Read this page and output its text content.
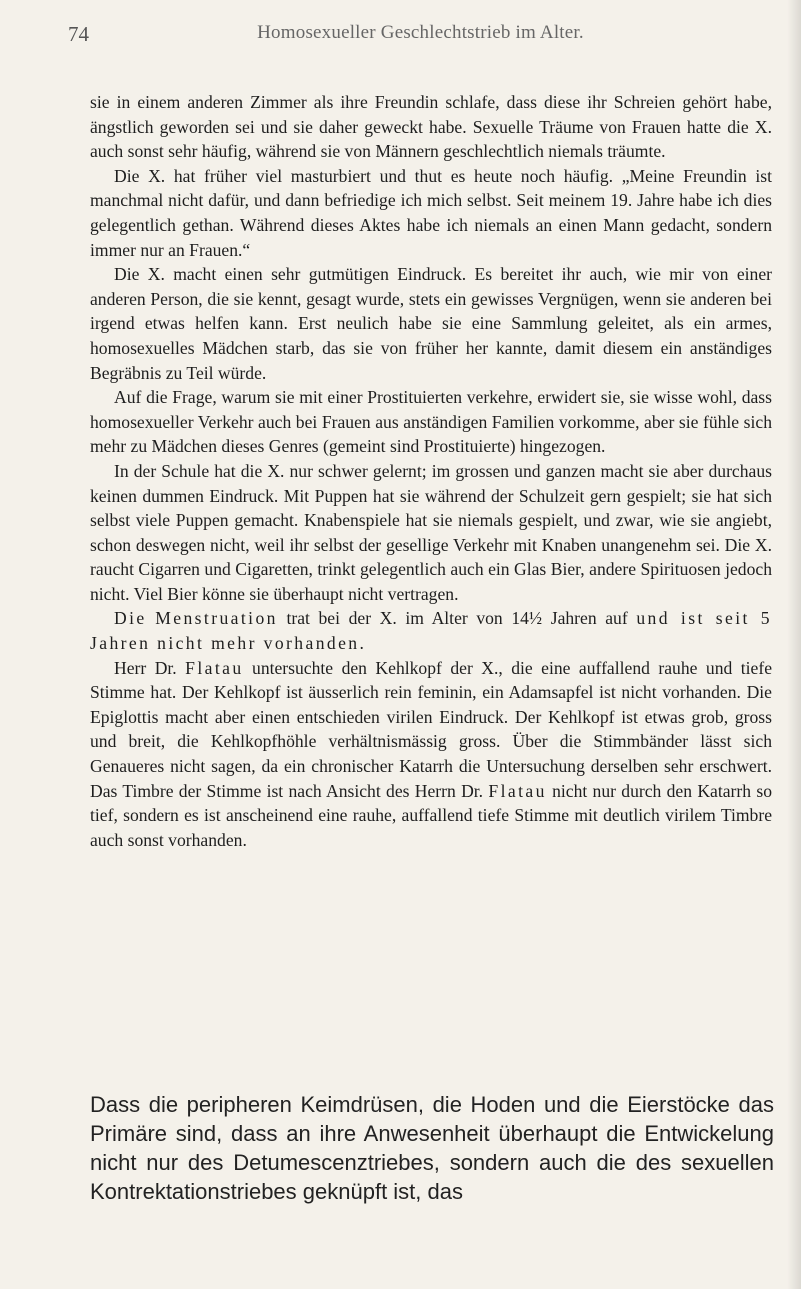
74	Homosexueller Geschlechtstrieb im Alter.

sie in einem anderen Zimmer als ihre Freundin schlafe, dass diese ihr Schreien gehört habe, ängstlich geworden sei und sie daher geweckt habe. Sexuelle Träume von Frauen hatte die X. auch sonst sehr häufig, während sie von Männern geschlechtlich niemals träumte.

Die X. hat früher viel masturbiert und thut es heute noch häufig. „Meine Freundin ist manchmal nicht dafür, und dann befriedige ich mich selbst. Seit meinem 19. Jahre habe ich dies gelegentlich gethan. Während dieses Aktes habe ich niemals an einen Mann gedacht, sondern immer nur an Frauen.“

Die X. macht einen sehr gutmütigen Eindruck. Es bereitet ihr auch, wie mir von einer anderen Person, die sie kennt, gesagt wurde, stets ein gewisses Vergnügen, wenn sie anderen bei irgend etwas helfen kann. Erst neulich habe sie eine Sammlung geleitet, als ein armes, homosexuelles Mädchen starb, das sie von früher her kannte, damit diesem ein anständiges Begräbnis zu Teil würde.

Auf die Frage, warum sie mit einer Prostituierten verkehre, erwidert sie, sie wisse wohl, dass homosexueller Verkehr auch bei Frauen aus anständigen Familien vorkomme, aber sie fühle sich mehr zu Mädchen dieses Genres (gemeint sind Prostituierte) hingezogen.

In der Schule hat die X. nur schwer gelernt; im grossen und ganzen macht sie aber durchaus keinen dummen Eindruck. Mit Puppen hat sie während der Schulzeit gern gespielt; sie hat sich selbst viele Puppen gemacht. Knabenspiele hat sie niemals gespielt, und zwar, wie sie angiebt, schon deswegen nicht, weil ihr selbst der gesellige Verkehr mit Knaben unangenehm sei. Die X. raucht Cigarren und Cigaretten, trinkt gelegentlich auch ein Glas Bier, andere Spirituosen jedoch nicht. Viel Bier könne sie überhaupt nicht vertragen.

Die Menstruation trat bei der X. im Alter von 14½ Jahren auf und ist seit 5 Jahren nicht mehr vorhanden.

Herr Dr. Flatau untersuchte den Kehlkopf der X., die eine auffallend rauhe und tiefe Stimme hat. Der Kehlkopf ist äusserlich rein feminin, ein Adamsapfel ist nicht vorhanden. Die Epiglottis macht aber einen entschieden virilen Eindruck. Der Kehlkopf ist etwas grob, gross und breit, die Kehlkopfhöhle verhältnismässig gross. Über die Stimmbänder lässt sich Genaueres nicht sagen, da ein chronischer Katarrh die Untersuchung derselben sehr erschwert. Das Timbre der Stimme ist nach Ansicht des Herrn Dr. Flatau nicht nur durch den Katarrh so tief, sondern es ist anscheinend eine rauhe, auffallend tiefe Stimme mit deutlich virilem Timbre auch sonst vorhanden.

Dass die peripheren Keimdrüsen, die Hoden und die Eierstöcke das Primäre sind, dass an ihre Anwesenheit überhaupt die Entwickelung nicht nur des Detumescenztriebes, sondern auch die des sexuellen Kontrektationstriebes geknüpft ist, das
